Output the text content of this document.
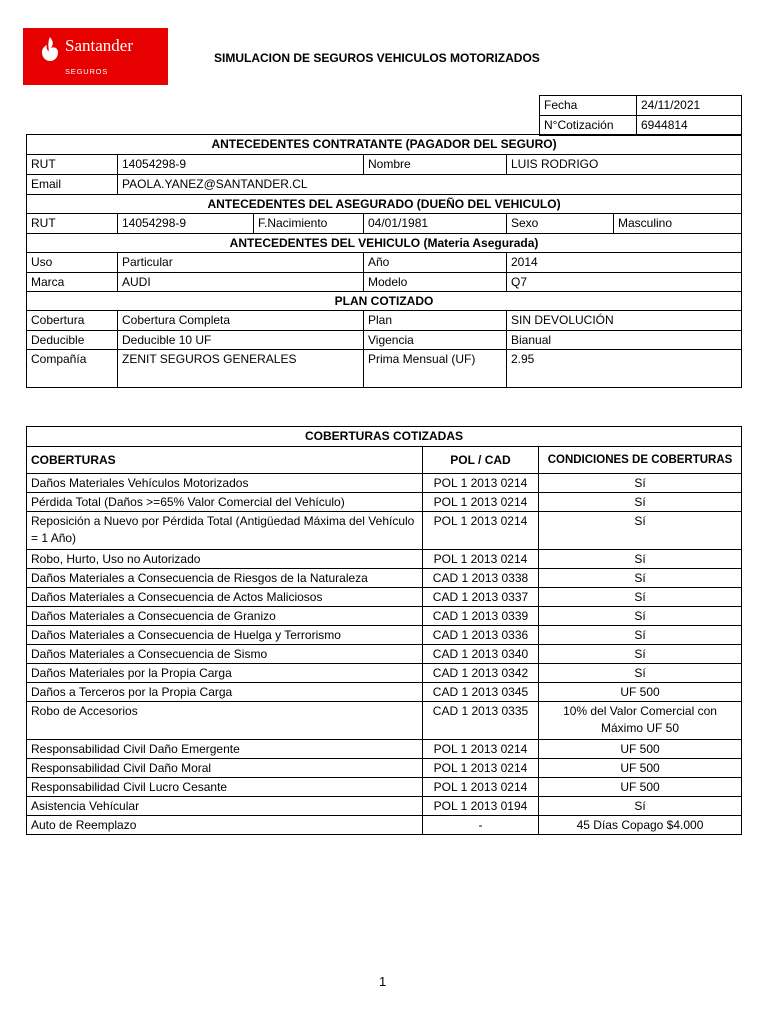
Santander
SEGUROS
SIMULACION DE SEGUROS VEHICULOS MOTORIZADOS
Fecha	24/11/2021
N°Cotización	6944814
ANTECEDENTES CONTRATANTE (PAGADOR DEL SEGURO)					
RUT	14054298-9		Nombre	LUIS RODRIGO	
Email	PAOLA.YANEZ@SANTANDER.CL				
ANTECEDENTES DEL ASEGURADO (DUEÑO DEL VEHICULO)					
RUT	14054298-9	F.Nacimiento	04/01/1981	Sexo	Masculino
ANTECEDENTES DEL VEHICULO (Materia Asegurada)					
Uso	Particular		Año	2014	
Marca	AUDI		Modelo	Q7	
PLAN COTIZADO					
Cobertura	Cobertura Completa		Plan	SIN DEVOLUCIÓN	
Deducible	Deducible 10 UF		Vigencia	Bianual	
Compañía	ZENIT SEGUROS GENERALES		Prima Mensual (UF)	2.95	
COBERTURAS COTIZADAS		
COBERTURAS	POL / CAD	CONDICIONES DE COBERTURAS
Daños Materiales Vehículos Motorizados	POL 1 2013 0214	Sí
Pérdida Total (Daños >=65% Valor Comercial del Vehículo)	POL 1 2013 0214	Sí
Reposición a Nuevo por Pérdida Total (Antigüedad Máxima del Vehículo = 1 Año)	POL 1 2013 0214	Sí
Robo, Hurto, Uso no Autorizado	POL 1 2013 0214	Sí
Daños Materiales a Consecuencia de Riesgos de la Naturaleza	CAD 1 2013 0338	Sí
Daños Materiales a Consecuencia de Actos Maliciosos	CAD 1 2013 0337	Sí
Daños Materiales a Consecuencia de Granizo	CAD 1 2013 0339	Sí
Daños Materiales a Consecuencia de Huelga y Terrorismo	CAD 1 2013 0336	Sí
Daños Materiales a Consecuencia de Sismo	CAD 1 2013 0340	Sí
Daños Materiales por la Propia Carga	CAD 1 2013 0342	Sí
Daños a Terceros por la Propia Carga	CAD 1 2013 0345	UF 500
Robo de Accesorios	CAD 1 2013 0335	10% del Valor Comercial con Máximo UF 50
Responsabilidad Civil Daño Emergente	POL 1 2013 0214	UF 500
Responsabilidad Civil Daño Moral	POL 1 2013 0214	UF 500
Responsabilidad Civil Lucro Cesante	POL 1 2013 0214	UF 500
Asistencia Vehícular	POL 1 2013 0194	Sí
Auto de Reemplazo	-	45 Días Copago $4.000
1
